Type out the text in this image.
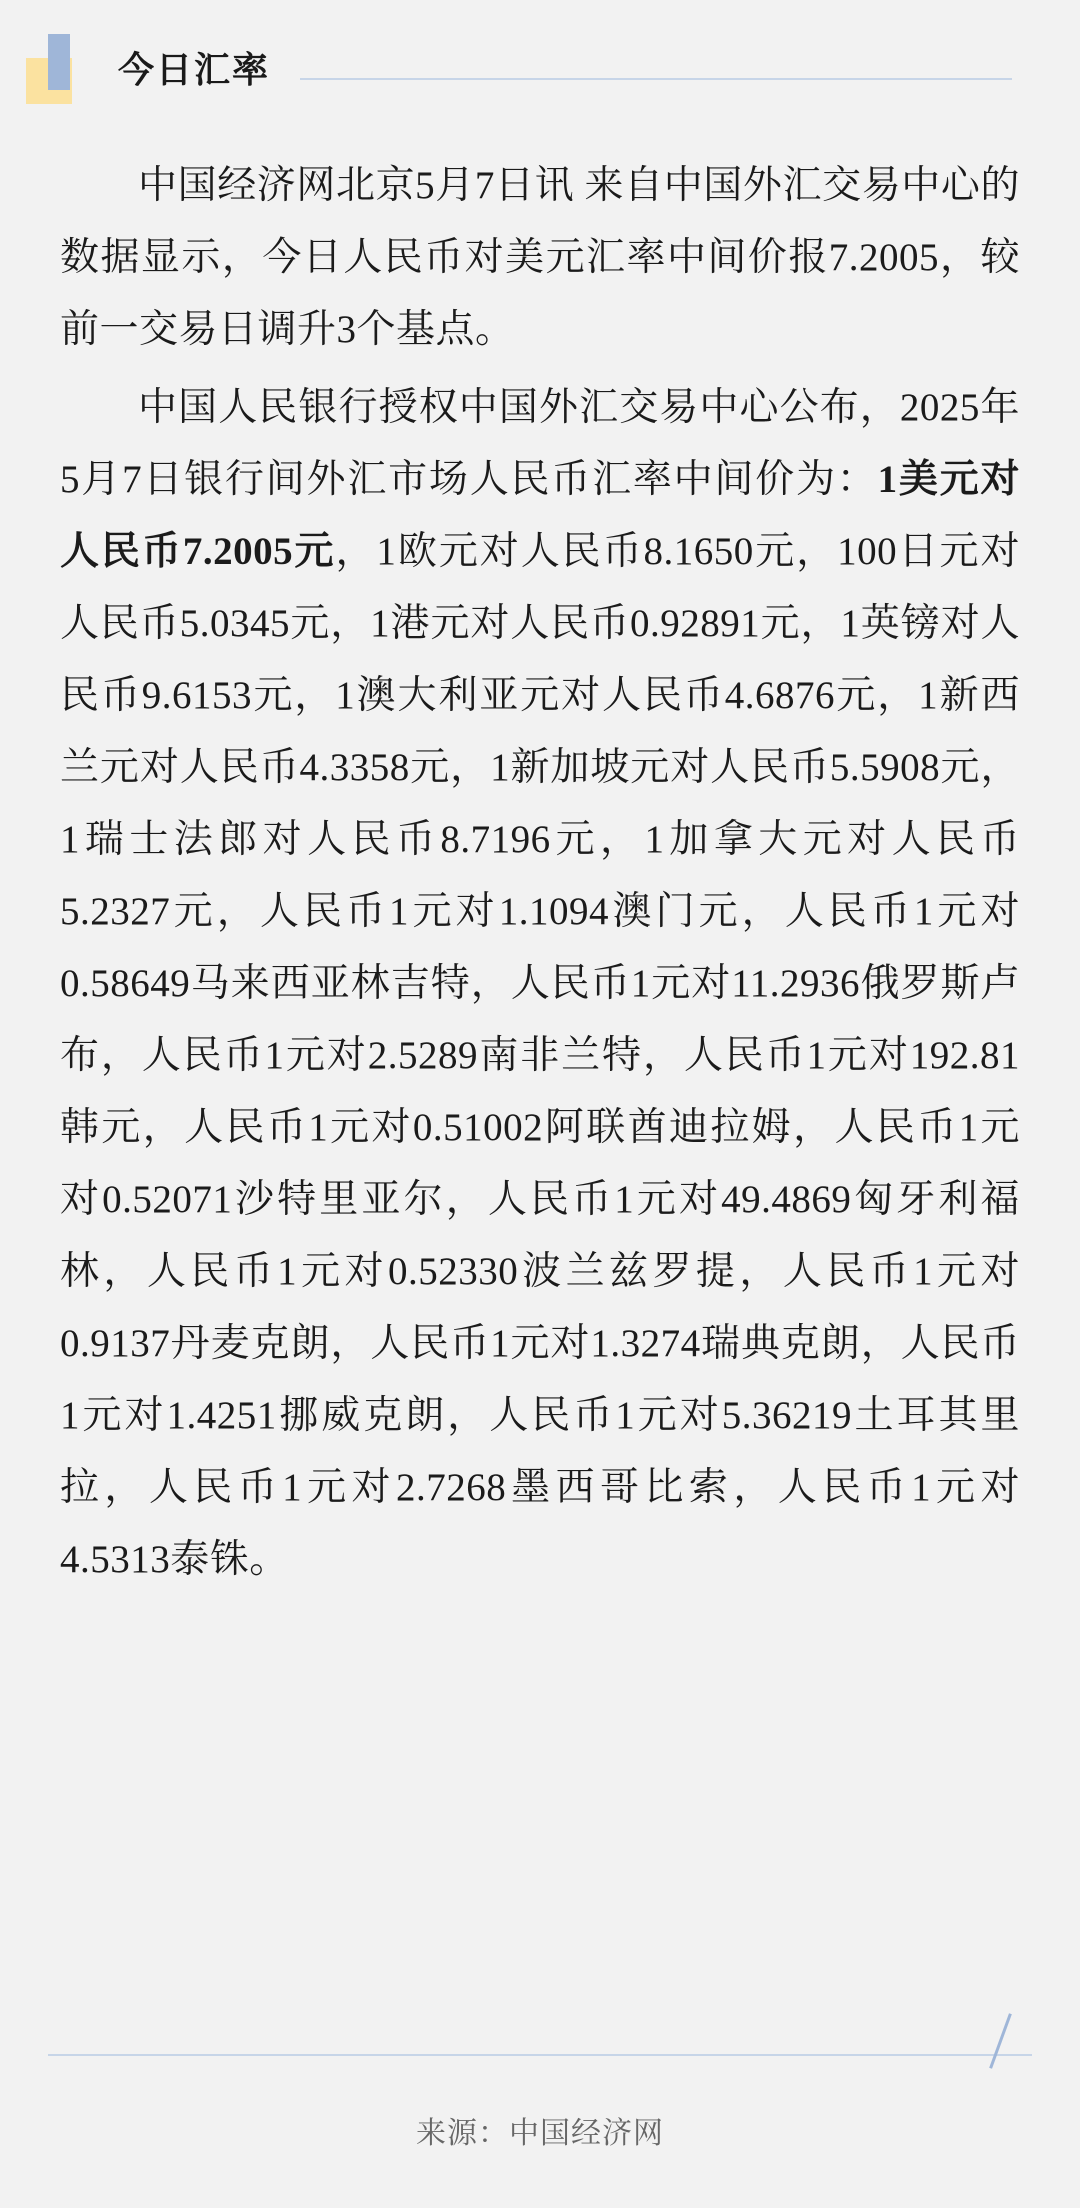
今日汇率

中国经济网北京5月7日讯 来自中国外汇交易中心的数据显示，今日人民币对美元汇率中间价报7.2005，较前一交易日调升3个基点。

中国人民银行授权中国外汇交易中心公布，2025年5月7日银行间外汇市场人民币汇率中间价为：1美元对人民币7.2005元，1欧元对人民币8.1650元，100日元对人民币5.0345元，1港元对人民币0.92891元，1英镑对人民币9.6153元，1澳大利亚元对人民币4.6876元，1新西兰元对人民币4.3358元，1新加坡元对人民币5.5908元，1瑞士法郎对人民币8.7196元，1加拿大元对人民币5.2327元，人民币1元对1.1094澳门元，人民币1元对0.58649马来西亚林吉特，人民币1元对11.2936俄罗斯卢布，人民币1元对2.5289南非兰特，人民币1元对192.81韩元，人民币1元对0.51002阿联酋迪拉姆，人民币1元对0.52071沙特里亚尔，人民币1元对49.4869匈牙利福林，人民币1元对0.52330波兰兹罗提，人民币1元对0.9137丹麦克朗，人民币1元对1.3274瑞典克朗，人民币1元对1.4251挪威克朗，人民币1元对5.36219土耳其里拉，人民币1元对2.7268墨西哥比索，人民币1元对4.5313泰铢。

来源：中国经济网
